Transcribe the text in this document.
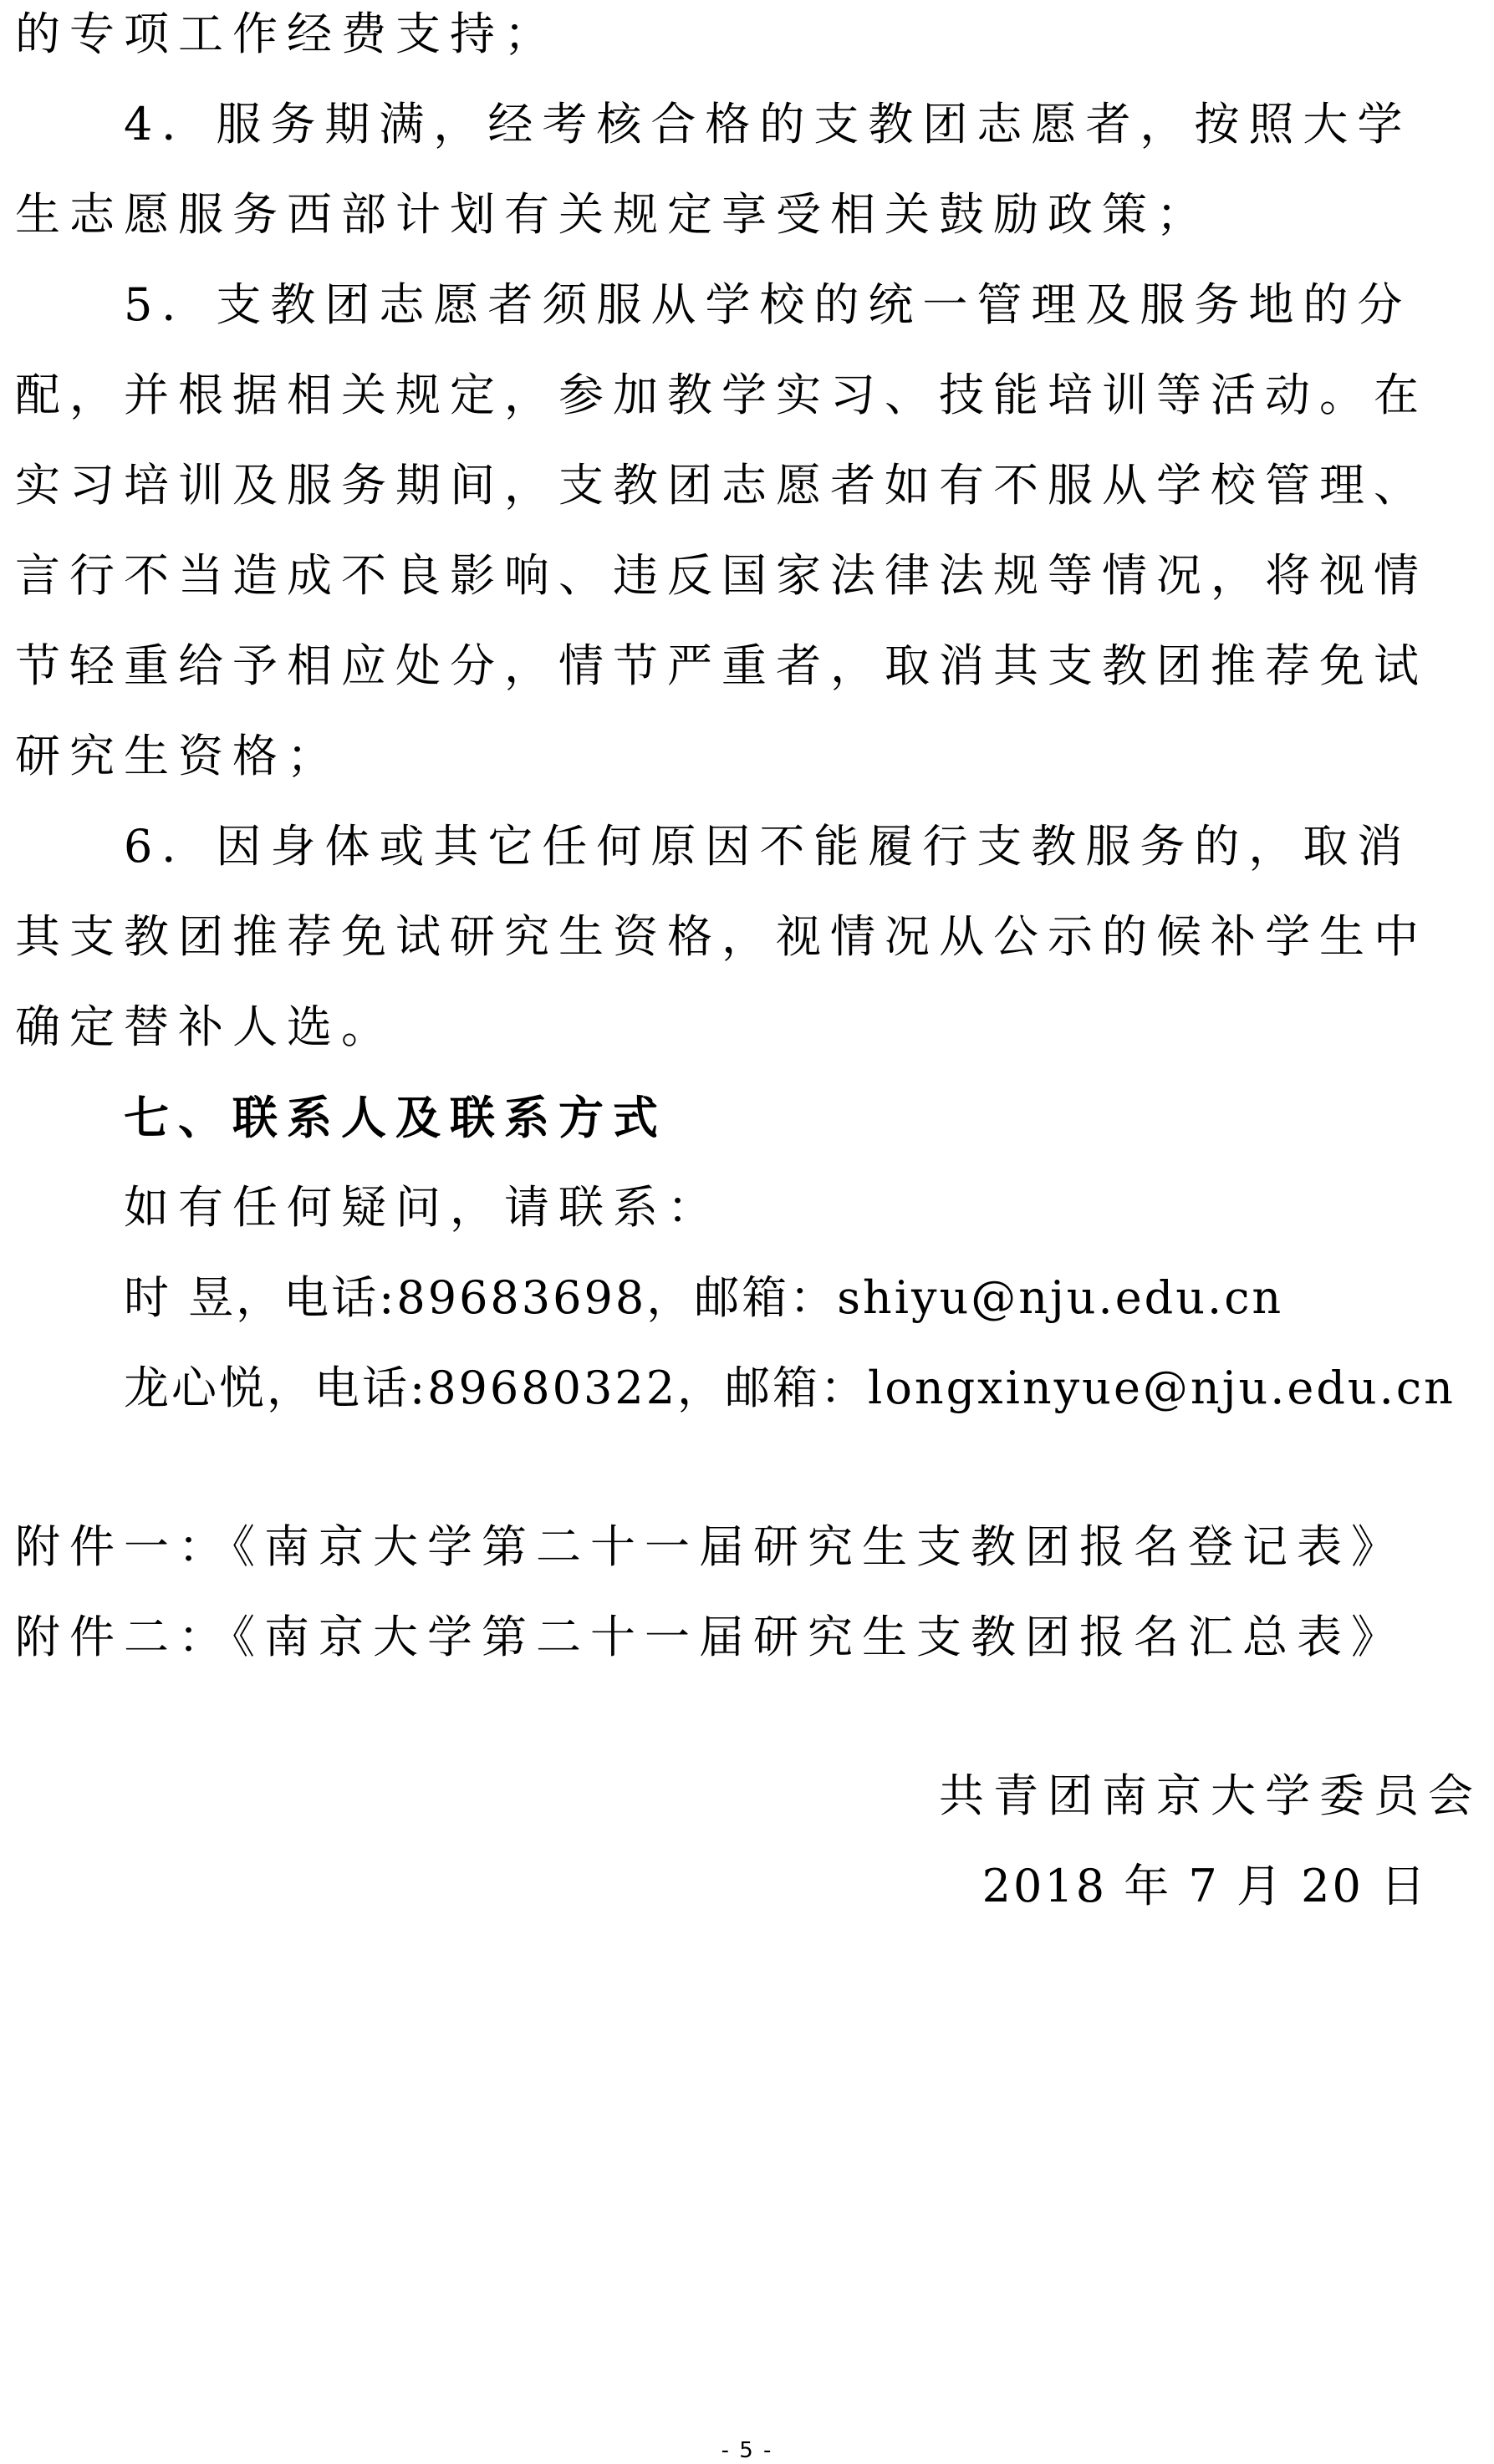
的专项工作经费支持；
4．服务期满，经考核合格的支教团志愿者，按照大学
生志愿服务西部计划有关规定享受相关鼓励政策；
5．支教团志愿者须服从学校的统一管理及服务地的分
配，并根据相关规定，参加教学实习、技能培训等活动。在
实习培训及服务期间，支教团志愿者如有不服从学校管理、
言行不当造成不良影响、违反国家法律法规等情况，将视情
节轻重给予相应处分，情节严重者，取消其支教团推荐免试
研究生资格；
6．因身体或其它任何原因不能履行支教服务的，取消
其支教团推荐免试研究生资格，视情况从公示的候补学生中
确定替补人选。
七、联系人及联系方式
如有任何疑问，请联系：
时 昱，电话:89683698，邮箱：shiyu@nju.edu.cn
龙心悦，电话:89680322，邮箱：longxinyue@nju.edu.cn
附件一：《南京大学第二十一届研究生支教团报名登记表》
附件二：《南京大学第二十一届研究生支教团报名汇总表》
共青团南京大学委员会
2018 年 7 月 20 日
- 5 -
